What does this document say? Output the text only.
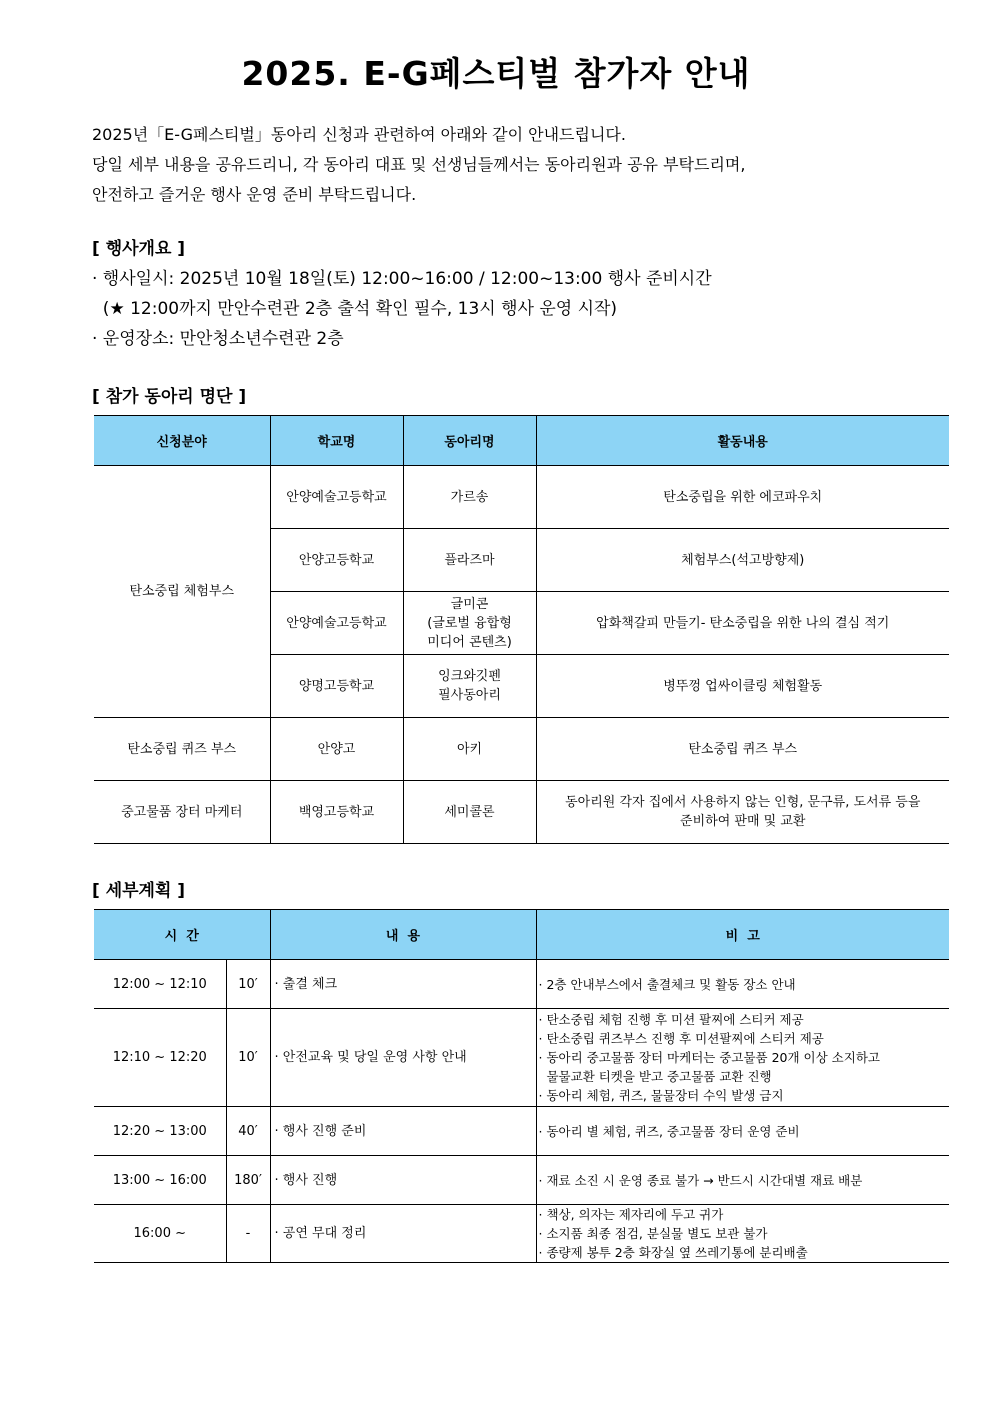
2025. E-G페스티벌 참가자 안내
2025년「E-G페스티벌」동아리 신청과 관련하여 아래와 같이 안내드립니다.
당일 세부 내용을 공유드리니, 각 동아리 대표 및 선생님들께서는 동아리원과 공유 부탁드리며,
안전하고 즐거운 행사 운영 준비 부탁드립니다.
[ 행사개요 ]
· 행사일시: 2025년 10월 18일(토) 12:00~16:00 / 12:00~13:00 행사 준비시간
(★ 12:00까지 만안수련관 2층 출석 확인 필수, 13시 행사 운영 시작)
· 운영장소: 만안청소년수련관 2층
[ 참가 동아리 명단 ]
신청분야	학교명	동아리명	활동내용
탄소중립 체험부스	안양예술고등학교	가르송	탄소중립을 위한 에코파우치
	안양고등학교	플라즈마	체험부스(석고방향제)
	안양예술고등학교	글미콘
(글로벌 융합형
미디어 콘텐츠)	압화책갈피 만들기- 탄소중립을 위한 나의 결심 적기
	양명고등학교	잉크와깃펜
필사동아리	병뚜껑 업싸이클링 체험활동
탄소중립 퀴즈 부스	안양고	아키	탄소중립 퀴즈 부스
중고물품 장터 마케터	백영고등학교	세미콜론	동아리원 각자 집에서 사용하지 않는 인형, 문구류, 도서류 등을
준비하여 판매 및 교환
[ 세부계획 ]
시  간		내  용	비  고
12:00 ~ 12:10	10′	· 출결 체크	· 2층 안내부스에서 출결체크 및 활동 장소 안내

12:10 ~ 12:20	10′	· 안전교육 및 당일 운영 사항 안내	· 탄소중립 체험 진행 후 미션 팔찌에 스티커 제공
· 탄소중립 퀴즈부스 진행 후 미션팔찌에 스티커 제공
· 동아리 중고물품 장터 마케터는 중고물품 20개 이상 소지하고
물물교환 티켓을 받고 중고물품 교환 진행
· 동아리 체험, 퀴즈, 물물장터 수익 발생 금지

12:20 ~ 13:00	40′	· 행사 진행 준비	· 동아리 별 체험, 퀴즈, 중고물품 장터 운영 준비

13:00 ~ 16:00	180′	· 행사 진행	· 재료 소진 시 운영 종료 불가 → 반드시 시간대별 재료 배분

16:00 ~	-	· 공연 무대 정리	· 책상, 의자는 제자리에 두고 귀가
· 소지품 최종 점검, 분실물 별도 보관 불가
· 종량제 봉투 2층 화장실 옆 쓰레기통에 분리배출
